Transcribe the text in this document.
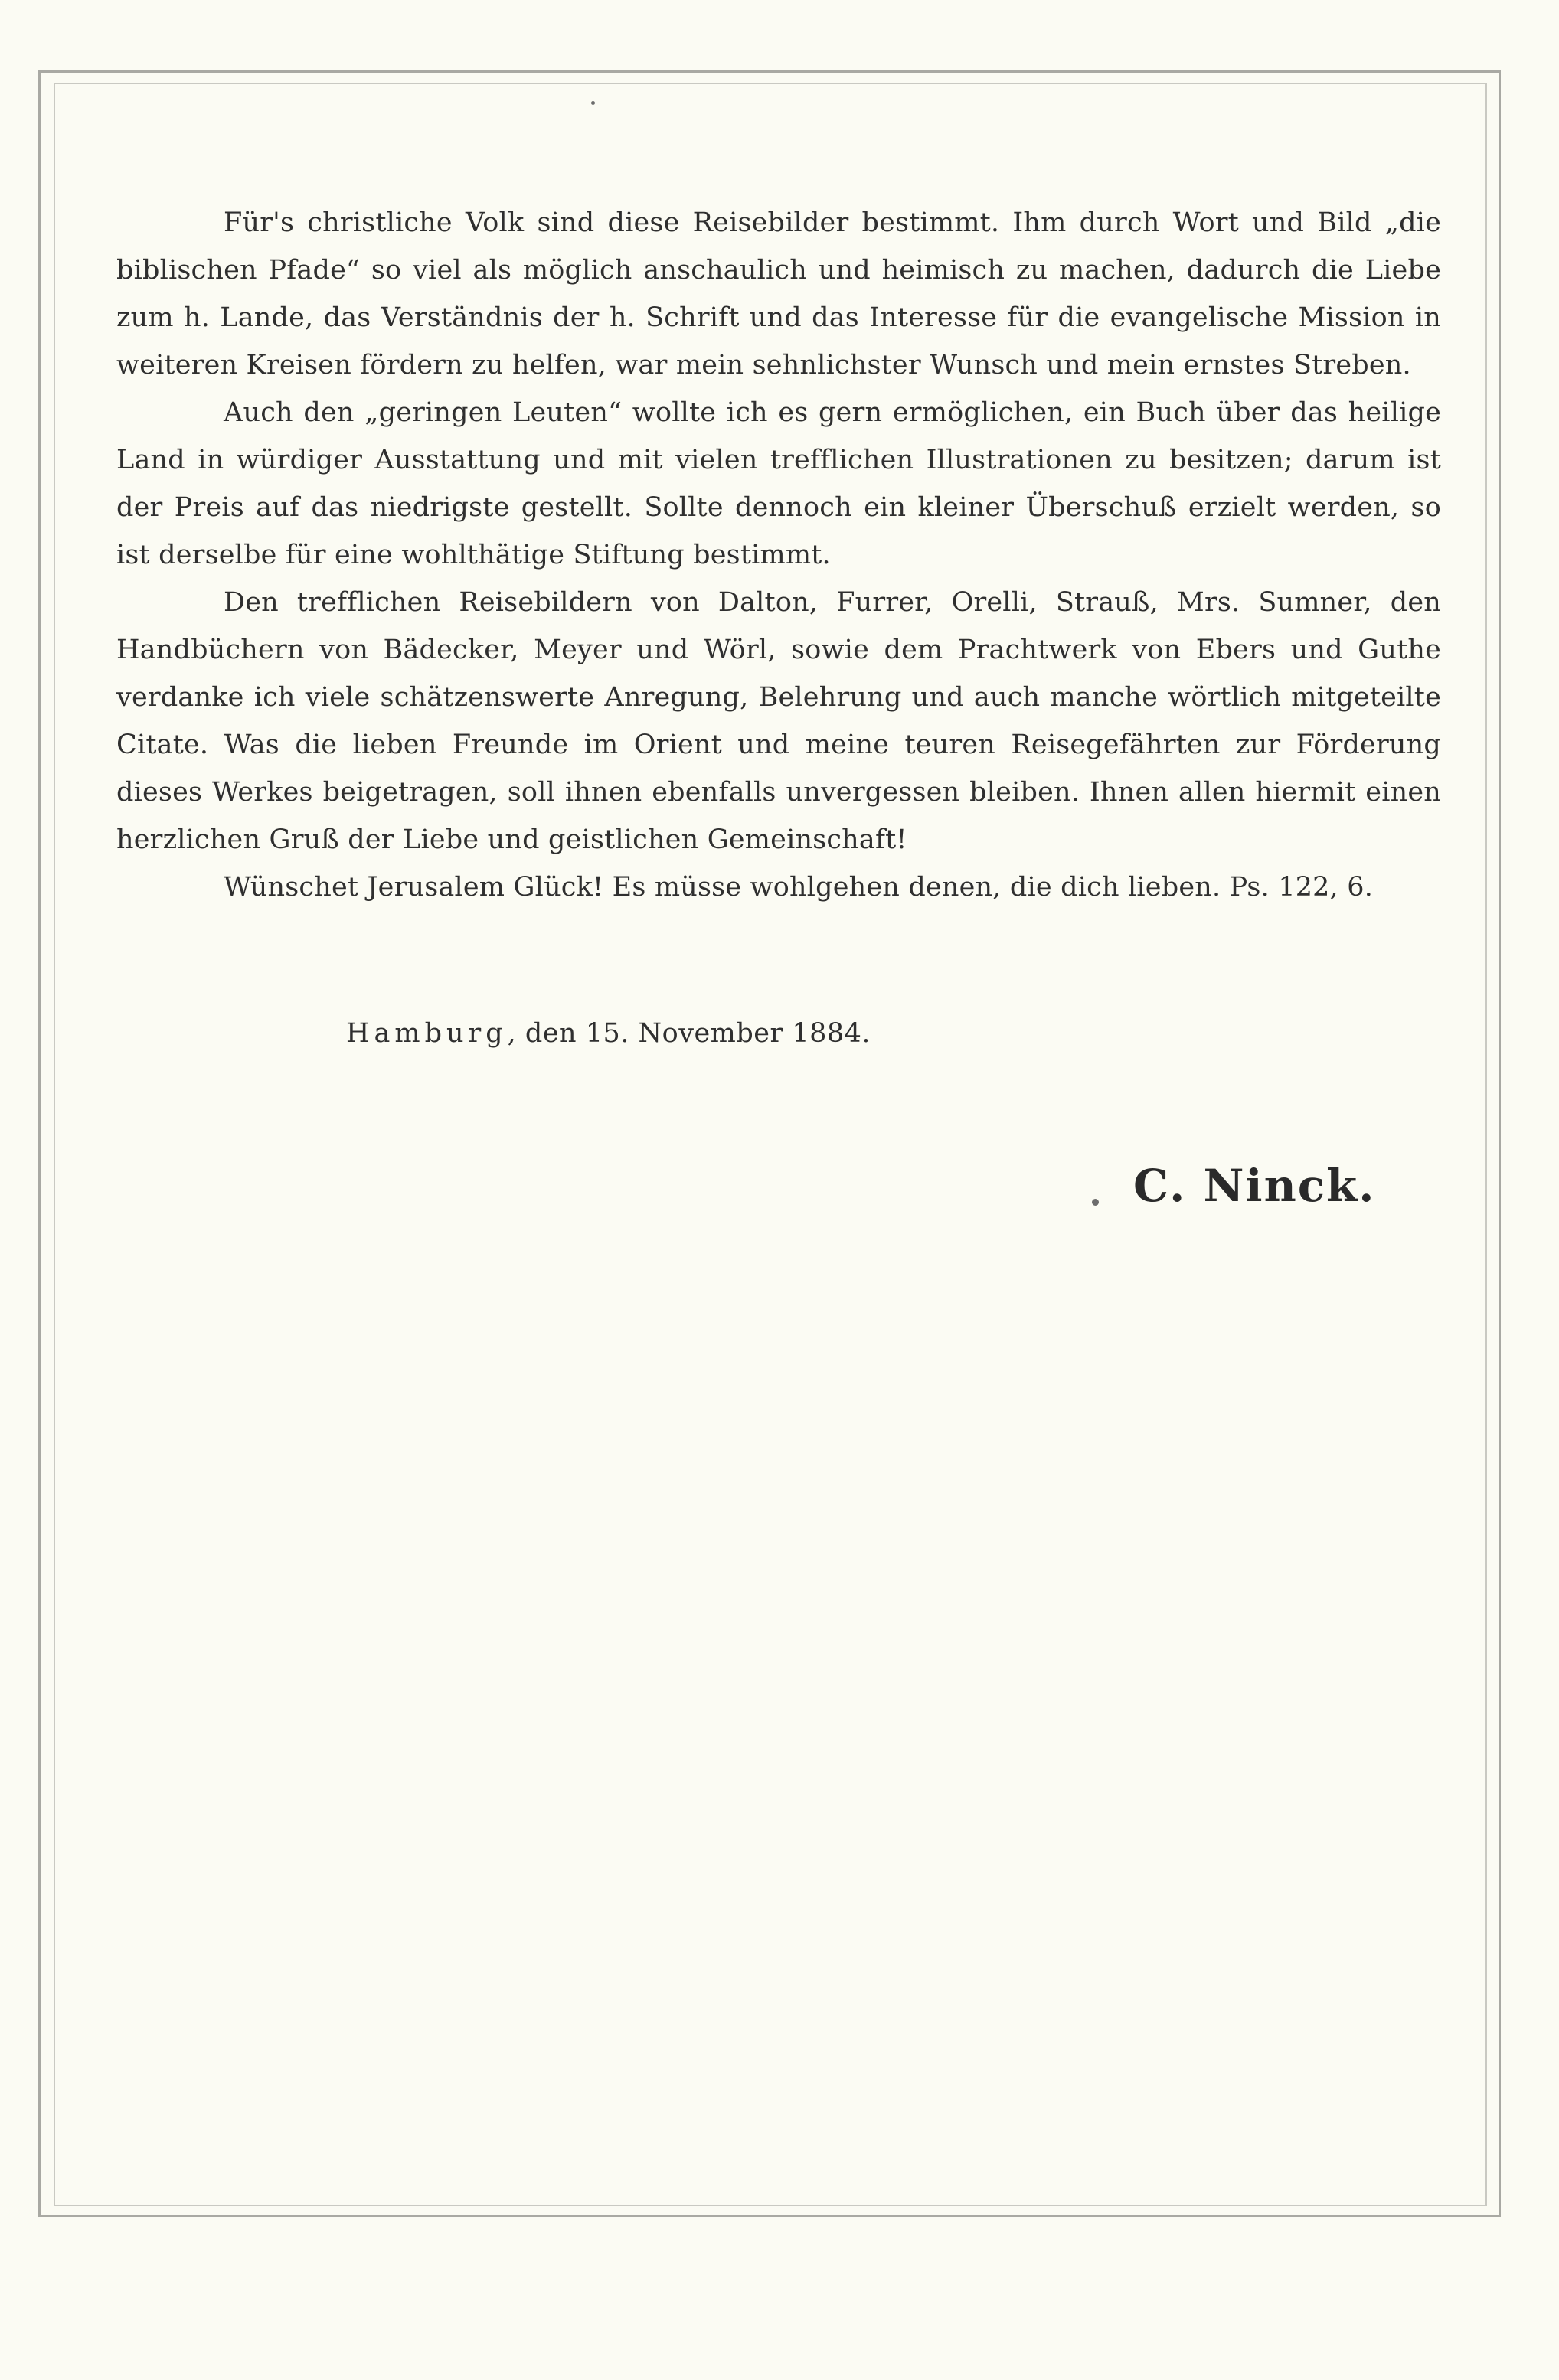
Für's christliche Volk sind diese Reisebilder bestimmt. Ihm durch Wort und Bild „die biblischen Pfade“ so viel als möglich anschaulich und heimisch zu machen, dadurch die Liebe zum h. Lande, das Verständnis der h. Schrift und das Interesse für die evangelische Mission in weiteren Kreisen fördern zu helfen, war mein sehnlichster Wunsch und mein ernstes Streben.

Auch den „geringen Leuten“ wollte ich es gern ermöglichen, ein Buch über das heilige Land in würdiger Ausstattung und mit vielen trefflichen Illustrationen zu besitzen; darum ist der Preis auf das niedrigste gestellt. Sollte dennoch ein kleiner Überschuß erzielt werden, so ist derselbe für eine wohlthätige Stiftung bestimmt.

Den trefflichen Reisebildern von Dalton, Furrer, Orelli, Strauß, Mrs. Sumner, den Handbüchern von Bädecker, Meyer und Wörl, sowie dem Prachtwerk von Ebers und Guthe verdanke ich viele schätzenswerte Anregung, Belehrung und auch manche wörtlich mitgeteilte Citate. Was die lieben Freunde im Orient und meine teuren Reisegefährten zur Förderung dieses Werkes beigetragen, soll ihnen ebenfalls unvergessen bleiben. Ihnen allen hiermit einen herzlichen Gruß der Liebe und geistlichen Gemeinschaft!

Wünschet Jerusalem Glück! Es müsse wohlgehen denen, die dich lieben. Ps. 122, 6.

Hamburg, den 15. November 1884.
C. Ninck.
